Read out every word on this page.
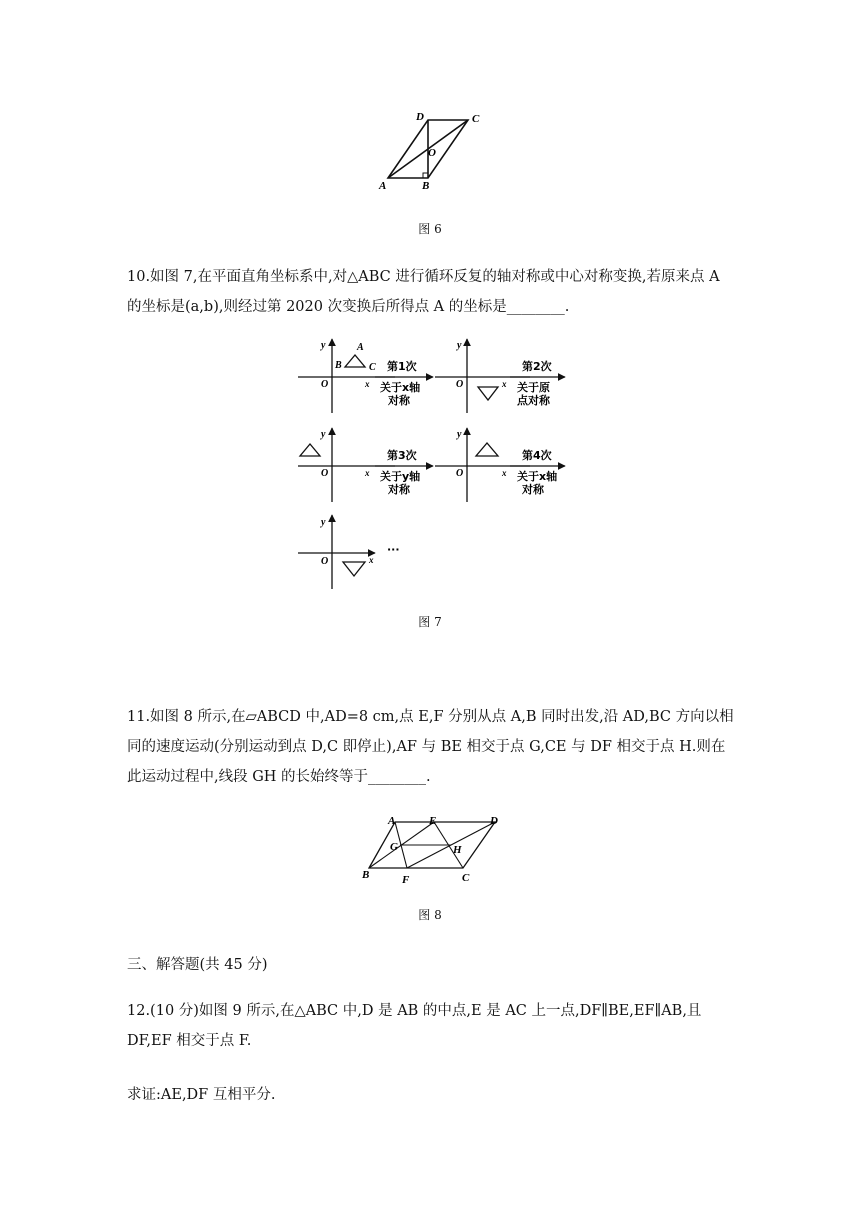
A	B
C
D
O
图 6
10.如图 7,在平面直角坐标系中,对△ABC 进行循环反复的轴对称或中心对称变换,若原来点 A 的坐标是(a,b),则经过第 2020 次变换后所得点 A 的坐标是________.
y
O	x
B
A
C 第1次
关于x轴
对称
y
O	x
第2次
关于原
点对称
y
O	x
第3次
关于y轴
对称
y
O	x
第4次
关于x轴
对称
y
O	x
···
图 7
11.如图 8 所示,在▱ABCD 中,AD=8 cm,点 E,F 分别从点 A,B 同时出发,沿 AD,BC 方向以相同的速度运动(分别运动到点 D,C 即停止),AF 与 BE 相交于点 G,CE 与 DF 相交于点 H.则在此运动过程中,线段 GH 的长始终等于________.
A
B	C
D
E
F
G	H
图 8
三、解答题(共 45 分)
12.(10 分)如图 9 所示,在△ABC 中,D 是 AB 的中点,E 是 AC 上一点,DF∥BE,EF∥AB,且 DF,EF 相交于点 F.
求证:AE,DF 互相平分.
